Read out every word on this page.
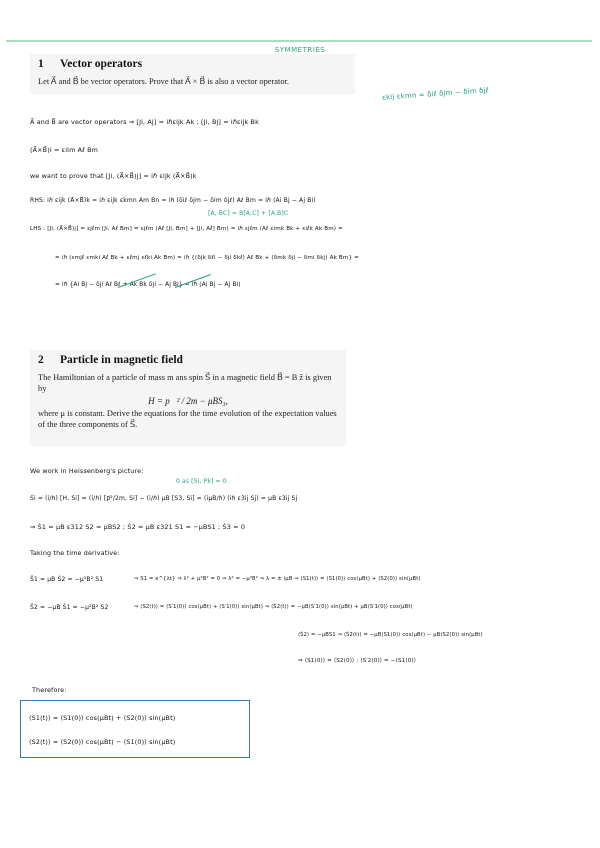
SYMMETRIES
1 Vector operators
Let A⃗ and B⃗ be vector operators. Prove that A⃗ × B⃗ is also a vector operator.
εkij εkmn = δiℓ δjm − δim δjℓ
A⃗ and B⃗ are vector operators ⇒ [Ji, Aj] = iℏεijk Ak ; [Ji, Bj] = iℏεijk Bk
(A⃗×B⃗)i = εilm Aℓ Bm
we want to prove that [Ji, (A⃗×B⃗)j] = iℏ εijk (A⃗×B⃗)k
RHS: iℏ εijk (A⃗×B⃗)k = iℏ εijk εkmn Am Bn = iℏ (δiℓ δjm − δim δjℓ) Aℓ Bm = iℏ (Ai Bj − Aj Bi)
[A, BC] = B[A,C] + [A,B]C
LHS : [Ji, (A⃗×B⃗)j] = εjℓm [Ji, Aℓ Bm] = εjℓm (Aℓ [Ji, Bm] + [Ji, Aℓ] Bm) = iℏ εjℓm (Aℓ εimk Bk + εiℓk Ak Bm) =
= iℏ (εmjℓ εmki Aℓ Bk + εℓmj εℓki Ak Bm) = iℏ {(δjk δℓi − δji δkℓ) Aℓ Bk + (δmk δji − δmi δkj) Ak Bm} =
= iℏ {Ai Bj − δji Aℓ Bℓ + Ak Bk δji − Aj Bi} = iℏ (Ai Bj − Aj Bi)
2 Particle in magnetic field
The Hamiltonian of a particle of mass m ans spin S⃗ in a magnetic field B⃗ = B ẑ is given by
H = p⃗² / 2m − μBS₃,
where μ is constant. Derive the equations for the time evolution of the expectation values of the three components of S⃗.
We work in Heissenberg's picture:
0 as [Si, Pk] = 0
Ṡi = (i/ℏ) [H, Si] = (i/ℏ) [p⃗²/2m, Si] − (i/ℏ) μB [S3, Si] = (iμB/ℏ) (iℏ ε3ij Sj) = μB ε3ij Sj
⇒ Ṡ1 = μB ε312 S2 = μBS2 ; Ṡ2 = μB ε321 S1 = −μBS1 ; Ṡ3 = 0
Taking the time derivative:
S̈1 = μB Ṡ2 = −μ²B² S1	⇒ S1 = e^{λt} ⇒ λ² + μ²B² = 0 ⇒ λ² = −μ²B² ⇒ λ = ± iμB ⇒ ⟨S1(t)⟩ = ⟨S1(0)⟩ cos(μBt) + ⟨S2(0)⟩ sin(μBt)
S̈2 = −μB Ṡ1 = −μ²B² S2	⇒ ⟨S2(t)⟩ = ⟨S′1(0)⟩ cos(μBt) + ⟨S′1(0)⟩ sin(μBt) ⇒ ⟨Ṡ2(t)⟩ = −μB⟨S′1(0)⟩ sin(μBt) + μB⟨S′1(0)⟩ cos(μBt)
⟨Ṡ2⟩ = −μBS1 ⇒ ⟨Ṡ2(t)⟩ = −μB⟨S1(0)⟩ cos(μBt) − μB⟨S2(0)⟩ sin(μBt)
⇒ ⟨S1(0)⟩ = ⟨S2(0)⟩ ; ⟨S′2(0)⟩ = −⟨S1(0)⟩
Therefore:
⟨S1(t)⟩ = ⟨S1(0)⟩ cos(μBt) + ⟨S2(0)⟩ sin(μBt)
⟨S2(t)⟩ = ⟨S2(0)⟩ cos(μBt) − ⟨S1(0)⟩ sin(μBt)
